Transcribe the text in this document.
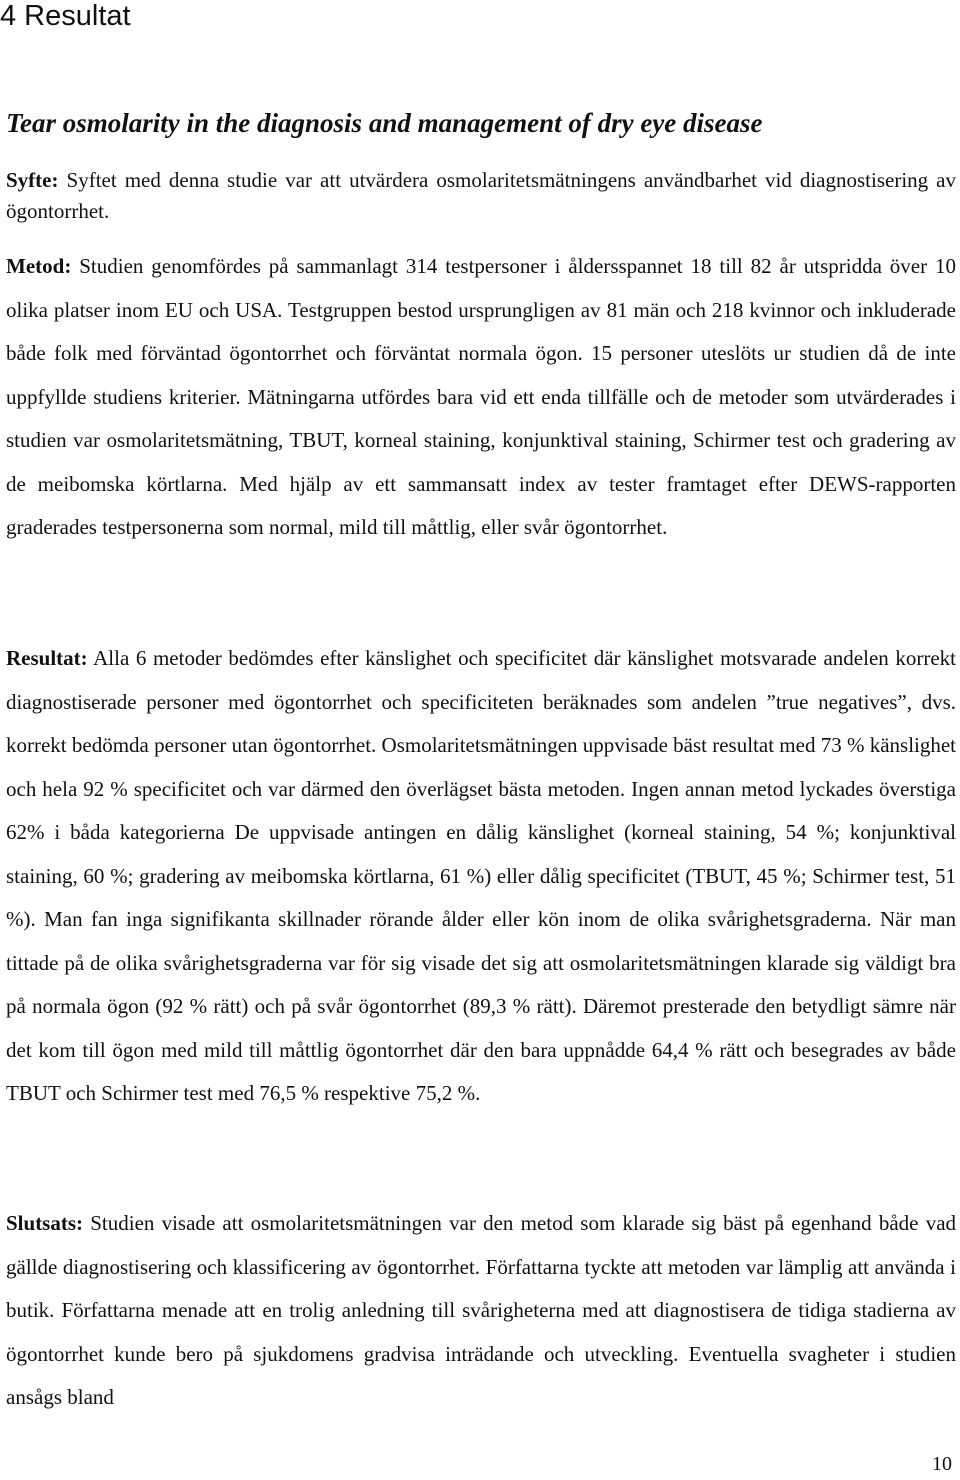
4 Resultat
Tear osmolarity in the diagnosis and management of dry eye disease

Syfte: Syftet med denna studie var att utvärdera osmolaritetsmätningens användbarhet vid diagnostisering av ögontorrhet.

Metod: Studien genomfördes på sammanlagt 314 testpersoner i åldersspannet 18 till 82 år utspridda över 10 olika platser inom EU och USA. Testgruppen bestod ursprungligen av 81 män och 218 kvinnor och inkluderade både folk med förväntad ögontorrhet och förväntat normala ögon. 15 personer uteslöts ur studien då de inte uppfyllde studiens kriterier. Mätningarna utfördes bara vid ett enda tillfälle och de metoder som utvärderades i studien var osmolaritetsmätning, TBUT, korneal staining, konjunktival staining, Schirmer test och gradering av de meibomska körtlarna. Med hjälp av ett sammansatt index av tester framtaget efter DEWS-rapporten graderades testpersonerna som normal, mild till måttlig, eller svår ögontorrhet.

Resultat: Alla 6 metoder bedömdes efter känslighet och specificitet där känslighet motsvarade andelen korrekt diagnostiserade personer med ögontorrhet och specificiteten beräknades som andelen ”true negatives”, dvs. korrekt bedömda personer utan ögontorrhet. Osmolaritetsmätningen uppvisade bäst resultat med 73 % känslighet och hela 92 % specificitet och var därmed den överlägset bästa metoden. Ingen annan metod lyckades överstiga 62% i båda kategorierna De uppvisade antingen en dålig känslighet (korneal staining, 54 %; konjunktival staining, 60 %; gradering av meibomska körtlarna, 61 %) eller dålig specificitet (TBUT, 45 %; Schirmer test, 51 %). Man fan inga signifikanta skillnader rörande ålder eller kön inom de olika svårighetsgraderna. När man tittade på de olika svårighetsgraderna var för sig visade det sig att osmolaritetsmätningen klarade sig väldigt bra på normala ögon (92 % rätt) och på svår ögontorrhet (89,3 % rätt). Däremot presterade den betydligt sämre när det kom till ögon med mild till måttlig ögontorrhet där den bara uppnådde 64,4 % rätt och besegrades av både TBUT och Schirmer test med 76,5 % respektive 75,2 %.

Slutsats: Studien visade att osmolaritetsmätningen var den metod som klarade sig bäst på egenhand både vad gällde diagnostisering och klassificering av ögontorrhet. Författarna tyckte att metoden var lämplig att använda i butik. Författarna menade att en trolig anledning till svårigheterna med att diagnostisera de tidiga stadierna av ögontorrhet kunde bero på sjukdomens gradvisa inträdande och utveckling. Eventuella svagheter i studien ansågs bland

10
